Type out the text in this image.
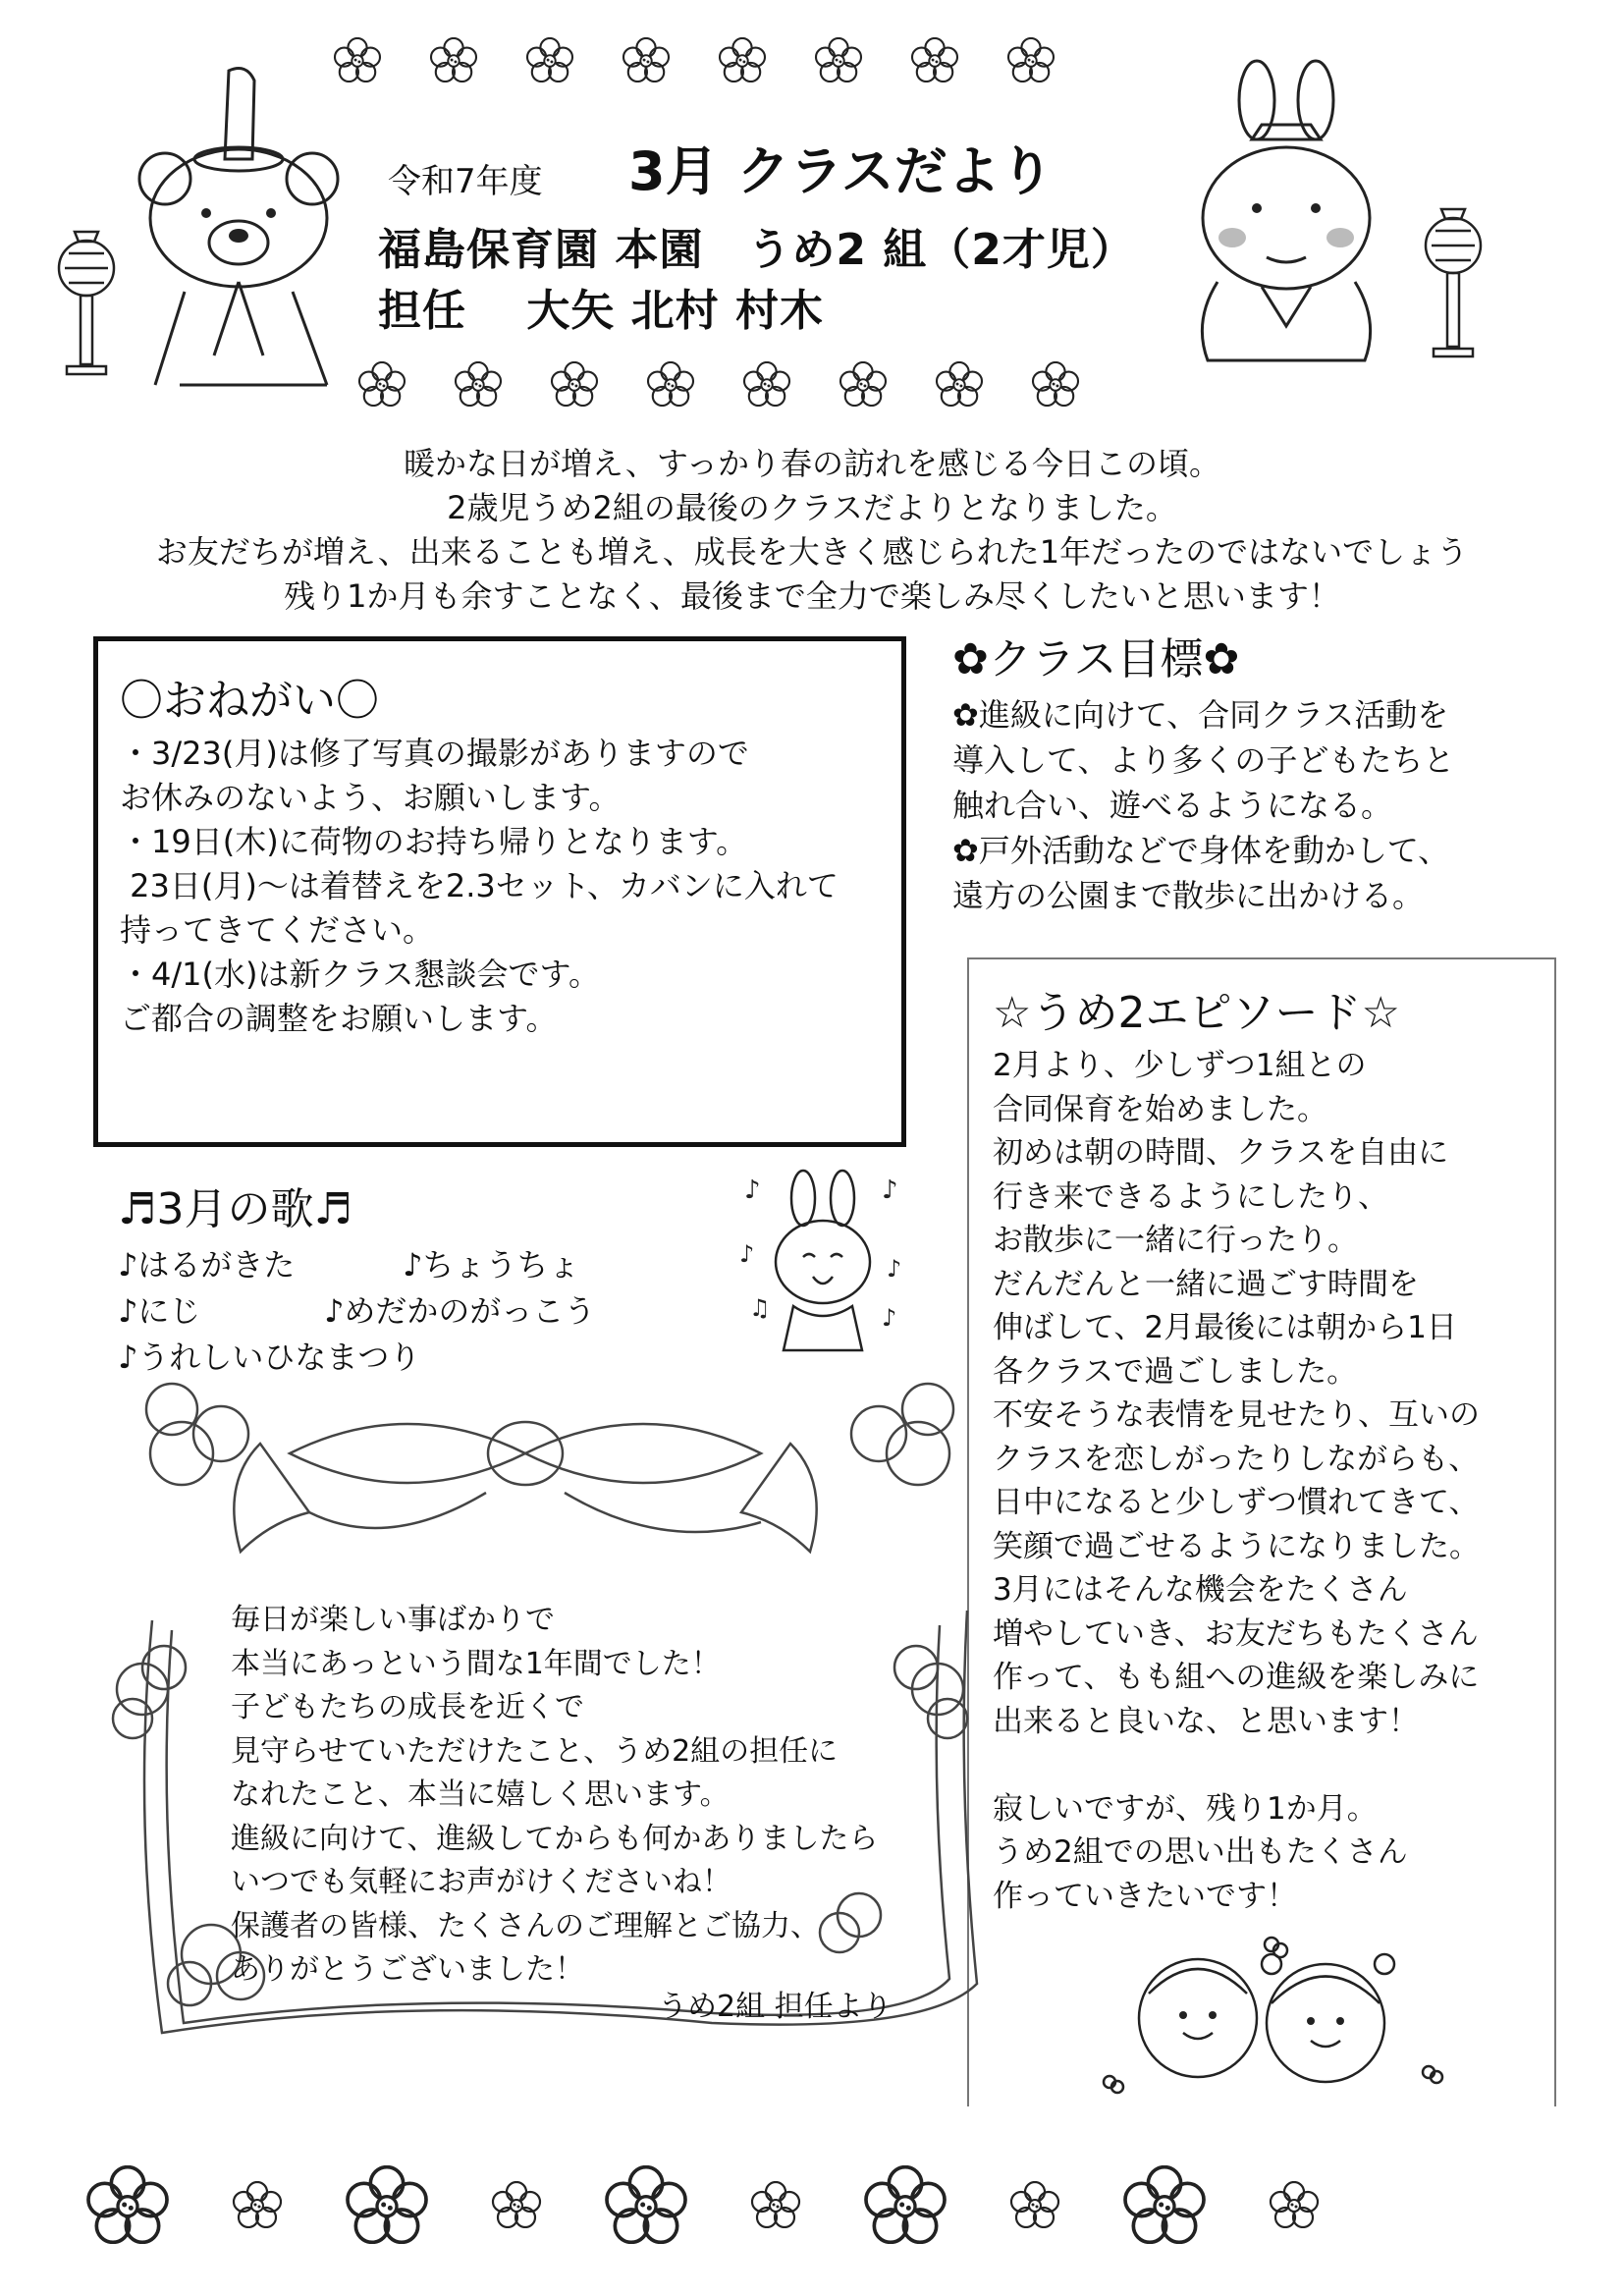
令和7年度 3月 クラスだより
福島保育園 本園　うめ2 組（2才児）
担任　 大矢 北村 村木

暖かな日が増え、すっかり春の訪れを感じる今日この頃。

2歳児うめ2組の最後のクラスだよりとなりました。

お友だちが増え、出来ることも増え、成長を大きく感じられた1年だったのではないでしょう

残り1か月も余すことなく、最後まで全力で楽しみ尽くしたいと思います！

〇おねがい〇

・3/23(月)は修了写真の撮影がありますので

お休みのないよう、お願いします。

・19日(木)に荷物のお持ち帰りとなります。

23日(月)～は着替えを2.3セット、カバンに入れて

持ってきてください。

・4/1(水)は新クラス懇談会です。

ご都合の調整をお願いします。

✿クラス目標✿

✿進級に向けて、合同クラス活動を

導入して、より多くの子どもたちと

触れ合い、遊べるようになる。

✿戸外活動などで身体を動かして、

遠方の公園まで散歩に出かける。

☆うめ2エピソード☆

2月より、少しずつ1組との

合同保育を始めました。

初めは朝の時間、クラスを自由に

行き来できるようにしたり、

お散歩に一緒に行ったり。

だんだんと一緒に過ごす時間を

伸ばして、2月最後には朝から1日

各クラスで過ごしました。

不安そうな表情を見せたり、互いの

クラスを恋しがったりしながらも、

日中になると少しずつ慣れてきて、

笑顔で過ごせるようになりました。

3月にはそんな機会をたくさん

増やしていき、お友だちもたくさん

作って、もも組への進級を楽しみに

出来ると良いな、と思います！

寂しいですが、残り1か月。

うめ2組での思い出もたくさん

作っていきたいです！

♬3月の歌♬
♪はるがきた	♪ちょうちょ
♪にじ	♪めだかのがっこう
♪うれしいひなまつり
♪	♪
♪
♪
♫	♪

毎日が楽しい事ばかりで

本当にあっという間な1年間でした！

子どもたちの成長を近くで

見守らせていただけたこと、うめ2組の担任に

なれたこと、本当に嬉しく思います。

進級に向けて、進級してからも何かありましたら

いつでも気軽にお声がけくださいね！

保護者の皆様、たくさんのご理解とご協力、

ありがとうございました！

うめ2組 担任より
